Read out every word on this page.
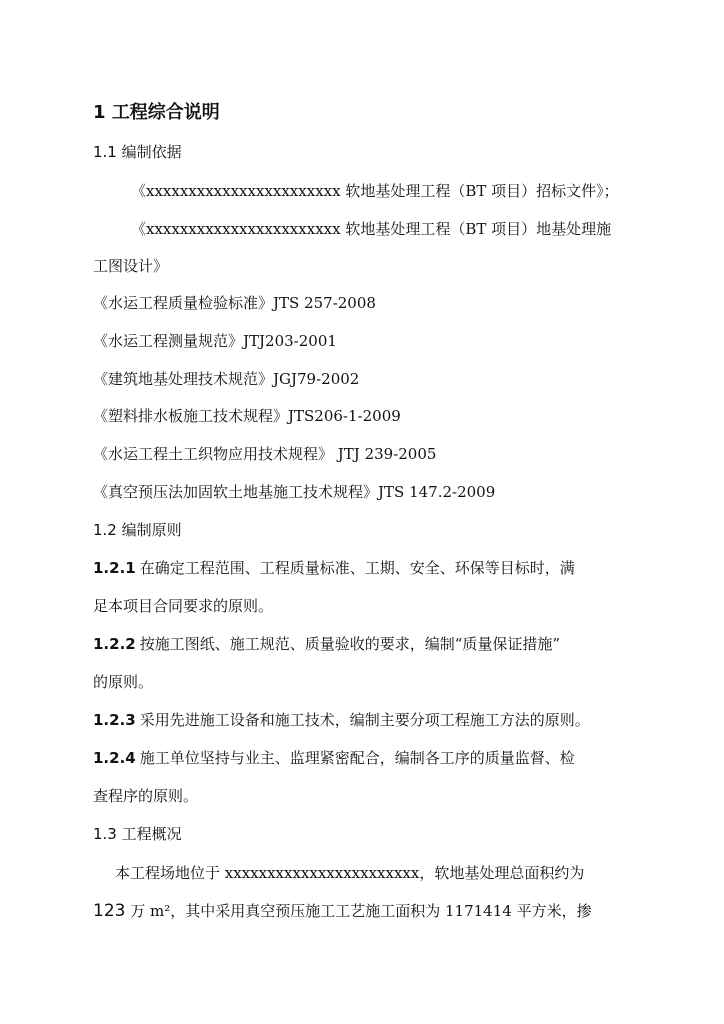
1 工程综合说明
1.1 编制依据
《xxxxxxxxxxxxxxxxxxxxxxx 软地基处理工程（BT 项目）招标文件》；
《xxxxxxxxxxxxxxxxxxxxxxx 软地基处理工程（BT 项目）地基处理施
工图设计》
《水运工程质量检验标准》JTS 257-2008
《水运工程测量规范》JTJ203-2001
《建筑地基处理技术规范》JGJ79-2002
《塑料排水板施工技术规程》JTS206-1-2009
《水运工程土工织物应用技术规程》 JTJ 239-2005
《真空预压法加固软土地基施工技术规程》JTS 147.2-2009
1.2 编制原则
1.2.1 在确定工程范围、工程质量标准、工期、安全、环保等目标时，满
足本项目合同要求的原则。
1.2.2 按施工图纸、施工规范、质量验收的要求，编制“质量保证措施”
的原则。
1.2.3 采用先进施工设备和施工技术，编制主要分项工程施工方法的原则。
1.2.4 施工单位坚持与业主、监理紧密配合，编制各工序的质量监督、检
查程序的原则。
1.3 工程概况
本工程场地位于 xxxxxxxxxxxxxxxxxxxxxxx，软地基处理总面积约为
123 万 m²，其中采用真空预压施工工艺施工面积为 1171414 平方米，掺
